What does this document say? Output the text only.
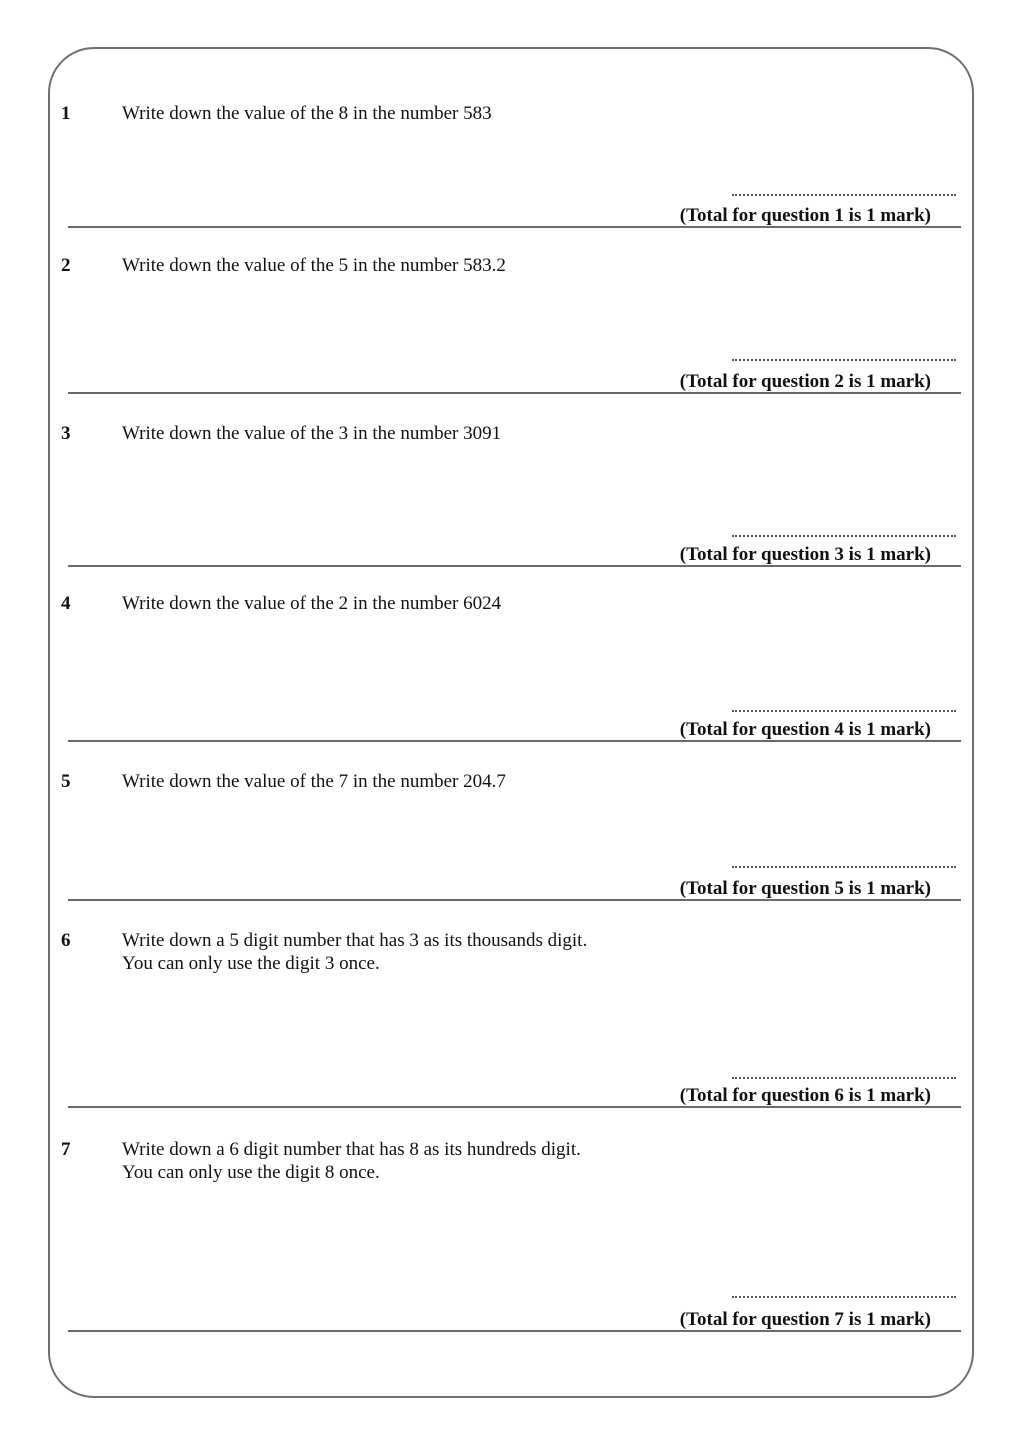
1	Write down the value of the 8 in the number 583
(Total for question 1 is 1 mark)
2	Write down the value of the 5 in the number 583.2
(Total for question 2 is 1 mark)
3	Write down the value of the 3 in the number 3091
(Total for question 3 is 1 mark)
4	Write down the value of the 2 in the number 6024
(Total for question 4 is 1 mark)
5	Write down the value of the 7 in the number 204.7
(Total for question 5 is 1 mark)
6	Write down a 5 digit number that has 3 as its thousands digit.
You can only use the digit 3 once.
(Total for question 6 is 1 mark)
7	Write down a 6 digit number that has 8 as its hundreds digit.
You can only use the digit 8 once.
(Total for question 7 is 1 mark)
